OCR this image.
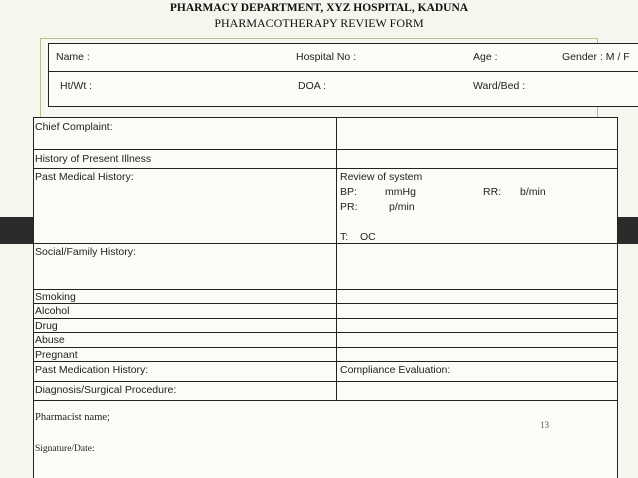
PHARMACY DEPARTMENT, XYZ HOSPITAL, KADUNA
PHARMACOTHERAPY REVIEW FORM
Name :	Hospital No :	Age :	Gender : M / F
Ht/Wt :	DOA :	Ward/Bed :
Chief Complaint:
History of Present Illness
Past Medical History:	Review of system
BP:	mmHg	RR: b/min
PR:	p/min
T: OC
Social/Family History:
Smoking
Alcohol
Drug
Abuse
Pregnant
Past Medication History:	Compliance Evaluation:
Diagnosis/Surgical Procedure:
Pharmacist name;
13
Signature/Date:
